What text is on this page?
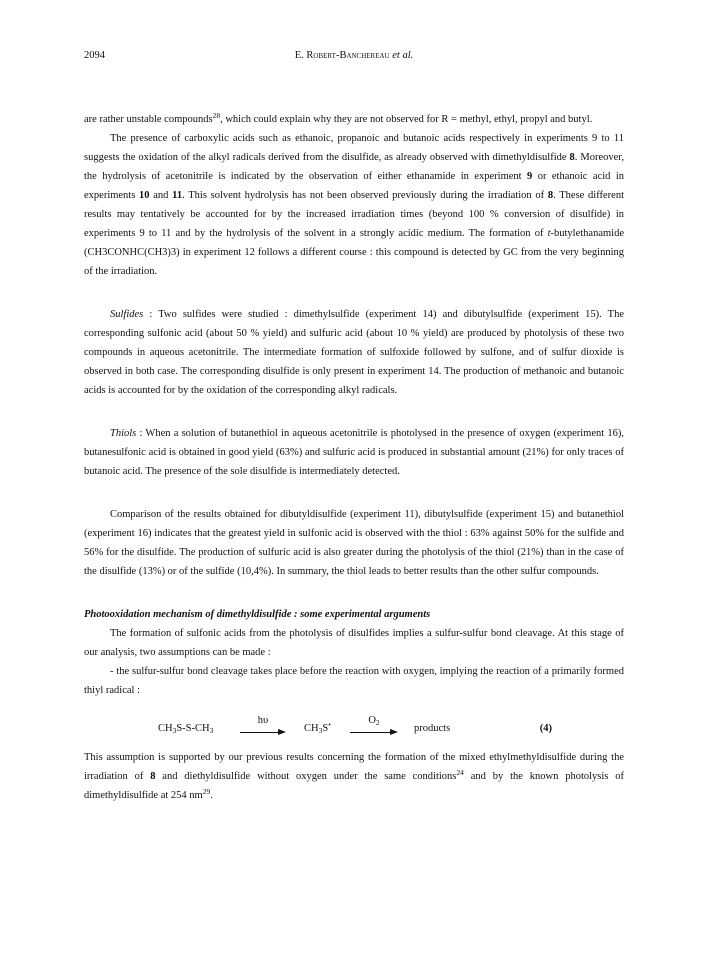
2094	E. Robert-Banchereau et al.

are rather unstable compounds$^{28}$, which could explain why they are not observed for R = methyl, ethyl, propyl and butyl.

The presence of carboxylic acids such as ethanoic, propanoic and butanoic acids respectively in experiments 9 to 11 suggests the oxidation of the alkyl radicals derived from the disulfide, as already observed with dimethyldisulfide 8. Moreover, the hydrolysis of acetonitrile is indicated by the observation of either ethanamide in experiment 9 or ethanoic acid in experiments 10 and 11. This solvent hydrolysis has not been observed previously during the irradiation of 8. These different results may tentatively be accounted for by the increased irradiation times (beyond 100 % conversion of disulfide) in experiments 9 to 11 and by the hydrolysis of the solvent in a strongly acidic medium. The formation of t-butylethanamide (CH3CONHC(CH3)3) in experiment 12 follows a different course : this compound is detected by GC from the very beginning of the irradiation.

Sulfides : Two sulfides were studied : dimethylsulfide (experiment 14) and dibutylsulfide (experiment 15). The corresponding sulfonic acid (about 50 % yield) and sulfuric acid (about 10 % yield) are produced by photolysis of these two compounds in aqueous acetonitrile. The intermediate formation of sulfoxide followed by sulfone, and of sulfur dioxide is observed in both case. The corresponding disulfide is only present in experiment 14. The production of methanoic and butanoic acids is accounted for by the oxidation of the corresponding alkyl radicals.

Thiols : When a solution of butanethiol in aqueous acetonitrile is photolysed in the presence of oxygen (experiment 16), butanesulfonic acid is obtained in good yield (63%) and sulfuric acid is produced in substantial amount (21%) for only traces of butanoic acid. The presence of the sole disulfide is intermediately detected.

Comparison of the results obtained for dibutyldisulfide (experiment 11), dibutylsulfide (experiment 15) and butanethiol (experiment 16) indicates that the greatest yield in sulfonic acid is observed with the thiol : 63% against 50% for the sulfide and 56% for the disulfide. The production of sulfuric acid is also greater during the photolysis of the thiol (21%) than in the case of the disulfide (13%) or of the sulfide (10,4%). In summary, the thiol leads to better results than the other sulfur compounds.

Photooxidation mechanism of dimethyldisulfide : some experimental arguments

The formation of sulfonic acids from the photolysis of disulfides implies a sulfur-sulfur bond cleavage. At this stage of our analysis, two assumptions can be made :

- the sulfur-sulfur bond cleavage takes place before the reaction with oxygen, implying the reaction of a primarily formed thiyl radical :

$CH_3S-S-CH_3$
hυ
$CH_3S^•$	$O_2$
products	(4)

This assumption is supported by our previous results concerning the formation of the mixed ethylmethyldisulfide during the irradiation of 8 and diethyldisulfide without oxygen under the same conditions$^{24}$ and by the known photolysis of dimethyldisulfide at 254 $nm^{29}$.
